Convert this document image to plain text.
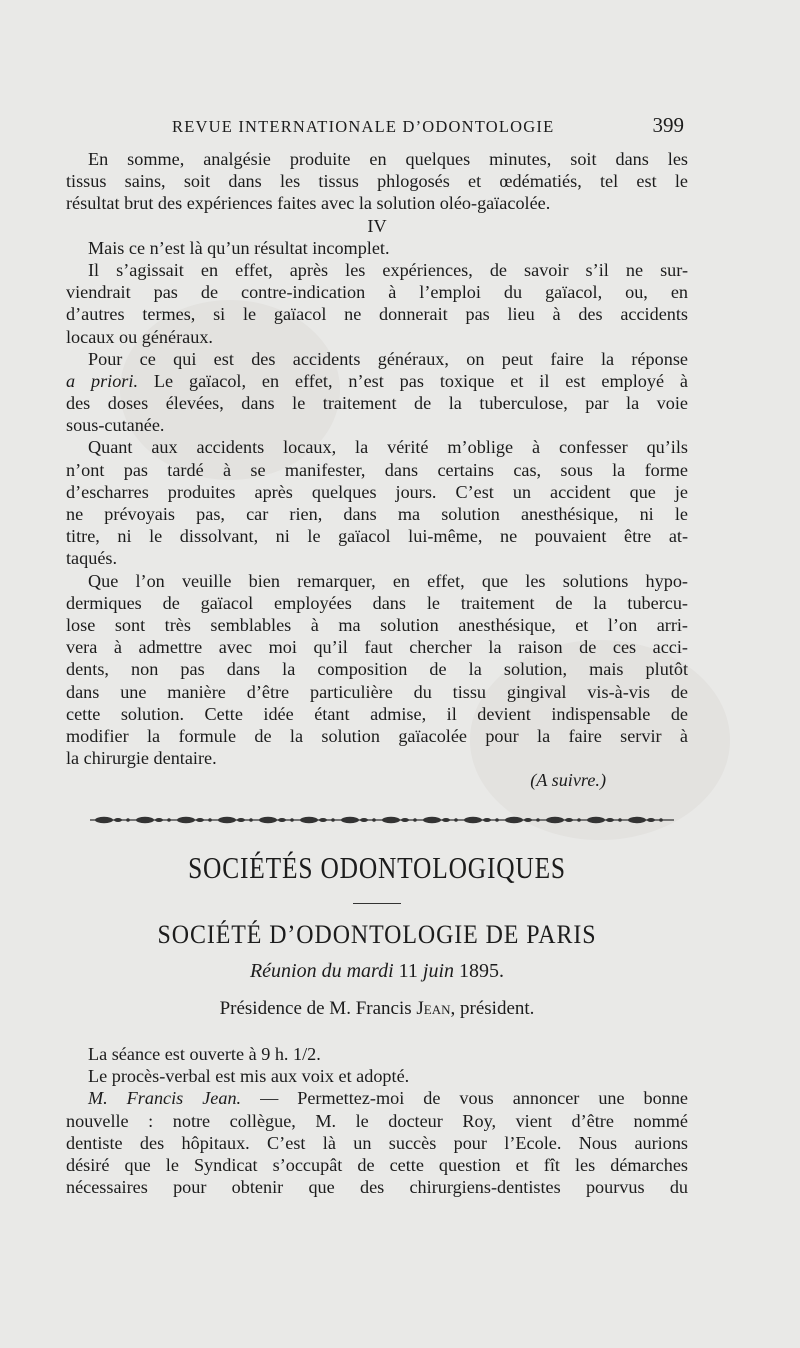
REVUE INTERNATIONALE D’ODONTOLOGIE	399
En somme, analgésie produite en quelques minutes, soit dans les
tissus sains, soit dans les tissus phlogosés et œdématiés, tel est le
résultat brut des expériences faites avec la solution oléo-gaïacolée.
IV
Mais ce n’est là qu’un résultat incomplet.
Il s’agissait en effet, après les expériences, de savoir s’il ne sur-
viendrait pas de contre-indication à l’emploi du gaïacol, ou, en
d’autres termes, si le gaïacol ne donnerait pas lieu à des accidents
locaux ou généraux.
Pour ce qui est des accidents généraux, on peut faire la réponse
a priori. Le gaïacol, en effet, n’est pas toxique et il est employé à
des doses élevées, dans le traitement de la tuberculose, par la voie
sous-cutanée.
Quant aux accidents locaux, la vérité m’oblige à confesser qu’ils
n’ont pas tardé à se manifester, dans certains cas, sous la forme
d’escharres produites après quelques jours. C’est un accident que je
ne prévoyais pas, car rien, dans ma solution anesthésique, ni le
titre, ni le dissolvant, ni le gaïacol lui-même, ne pouvaient être at-
taqués.
Que l’on veuille bien remarquer, en effet, que les solutions hypo-
dermiques de gaïacol employées dans le traitement de la tubercu-
lose sont très semblables à ma solution anesthésique, et l’on arri-
vera à admettre avec moi qu’il faut chercher la raison de ces acci-
dents, non pas dans la composition de la solution, mais plutôt
dans une manière d’être particulière du tissu gingival vis-à-vis de
cette solution. Cette idée étant admise, il devient indispensable de
modifier la formule de la solution gaïacolée pour la faire servir à
la chirurgie dentaire.
(A suivre.)
SOCIÉTÉS ODONTOLOGIQUES
SOCIÉTÉ D’ODONTOLOGIE DE PARIS
Réunion du mardi 11 juin 1895.
Présidence de M. Francis Jean, président.
La séance est ouverte à 9 h. 1/2.
Le procès-verbal est mis aux voix et adopté.
M. Francis Jean. — Permettez-moi de vous annoncer une bonne
nouvelle : notre collègue, M. le docteur Roy, vient d’être nommé
dentiste des hôpitaux. C’est là un succès pour l’Ecole. Nous aurions
désiré que le Syndicat s’occupât de cette question et fît les démarches
nécessaires pour obtenir que des chirurgiens-dentistes pourvus du
